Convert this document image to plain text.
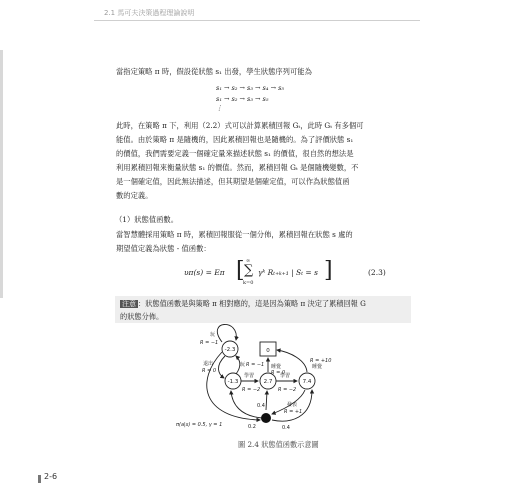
2.1 馬可夫決策過程理論說明
當指定策略 π 時，假設從狀態 s₁ 出發，學生狀態序列可能為
s₁ → s₂ → s₃ → s₄ → s₅
s₁ → s₂ → s₃ → s₅
⋮
此時，在策略 π 下，利用（2.2）式可以計算累積回報 Gₜ，此時 Gₜ 有多個可
能值。由於策略 π 是隨機的，因此累積回報也是隨機的。為了評價狀態 s₁
的價值，我們需要定義一個確定量來描述狀態 s₁ 的價值，很自然的想法是
利用累積回報來衡量狀態 s₁ 的價值。然而，累積回報 Gₜ 是個隨機變數，不
是一個確定值，因此無法描述，但其期望是個確定值，可以作為狀態值函
數的定義。
（1）狀態值函數。
當智慧體採用策略 π 時，累積回報服從一個分佈，累積回報在狀態 s 處的
期望值定義為狀態 - 值函數：
υπ(s) = Eπ [ ∞
∑
k=0
γᵏ Rₜ₊ₖ₊₁ | Sₜ = s ]	(2.3)
注意 ：狀態值函數是與策略 π 相對應的，這是因為策略 π 決定了累積回報 G
的狀態分佈。
-2.3
-1.3	2.7	7.4
0
玩
R = −1
退出
R = 0
玩 R = −1
學習
R = −2
學習
R = −2
睡覺
R = 0
R = +10
睡覺
發表
R = +1
0.4
0.2	0.4
π(a|s) = 0.5, γ = 1
圖 2.4 狀態值函數示意圖
2-6
